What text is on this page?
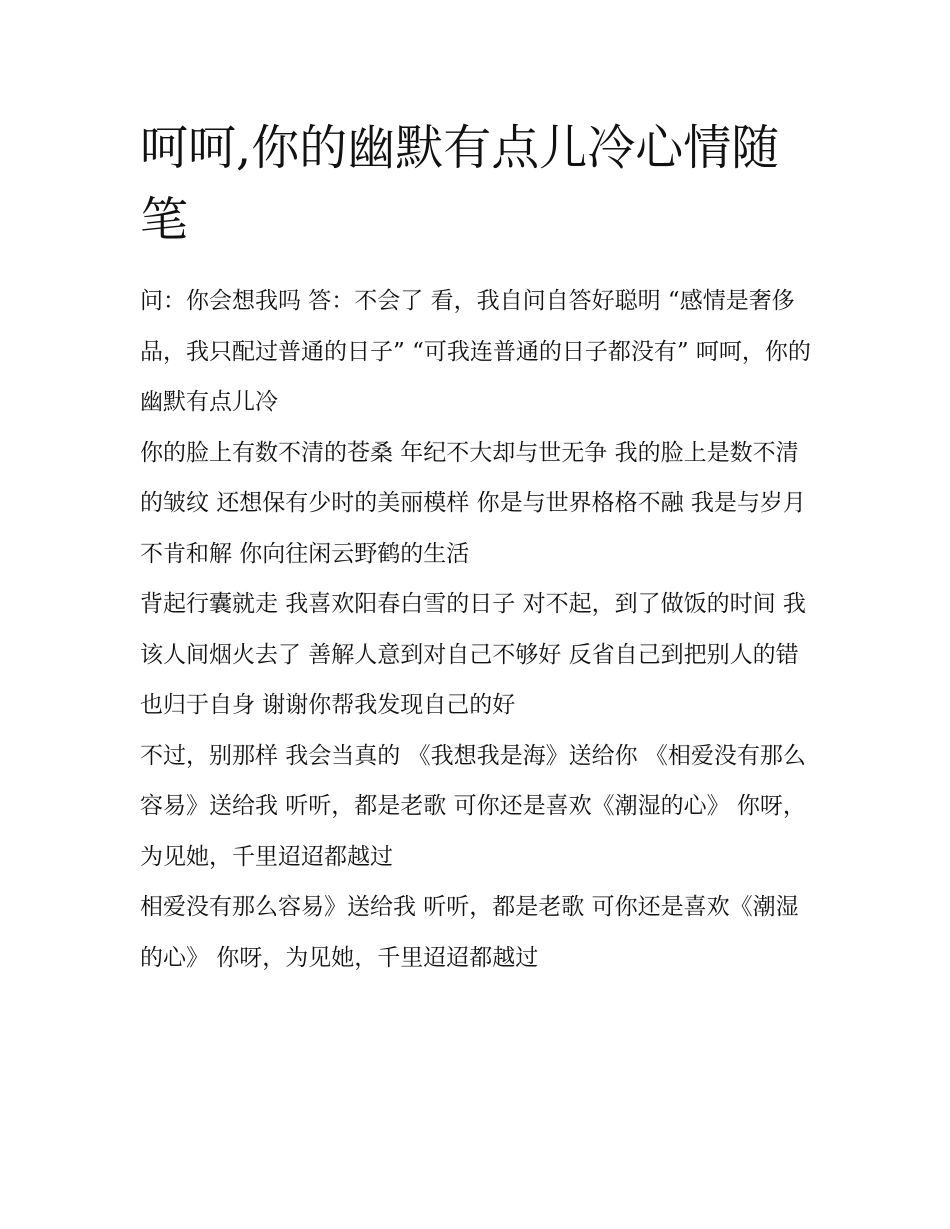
呵呵,你的幽默有点儿冷心情随笔

问：你会想我吗 答：不会了 看，我自问自答好聪明 “感情是奢侈品，我只配过普通的日子” “可我连普通的日子都没有” 呵呵，你的幽默有点儿冷

你的脸上有数不清的苍桑 年纪不大却与世无争 我的脸上是数不清的皱纹 还想保有少时的美丽模样 你是与世界格格不融 我是与岁月不肯和解 你向往闲云野鹤的生活

背起行囊就走 我喜欢阳春白雪的日子 对不起，到了做饭的时间 我该人间烟火去了 善解人意到对自己不够好 反省自己到把别人的错也归于自身 谢谢你帮我发现自己的好

不过，别那样 我会当真的 《我想我是海》送给你 《相爱没有那么容易》送给我 听听，都是老歌 可你还是喜欢《潮湿的心》 你呀，为见她，千里迢迢都越过

相爱没有那么容易》送给我 听听，都是老歌 可你还是喜欢《潮湿的心》 你呀，为见她，千里迢迢都越过
